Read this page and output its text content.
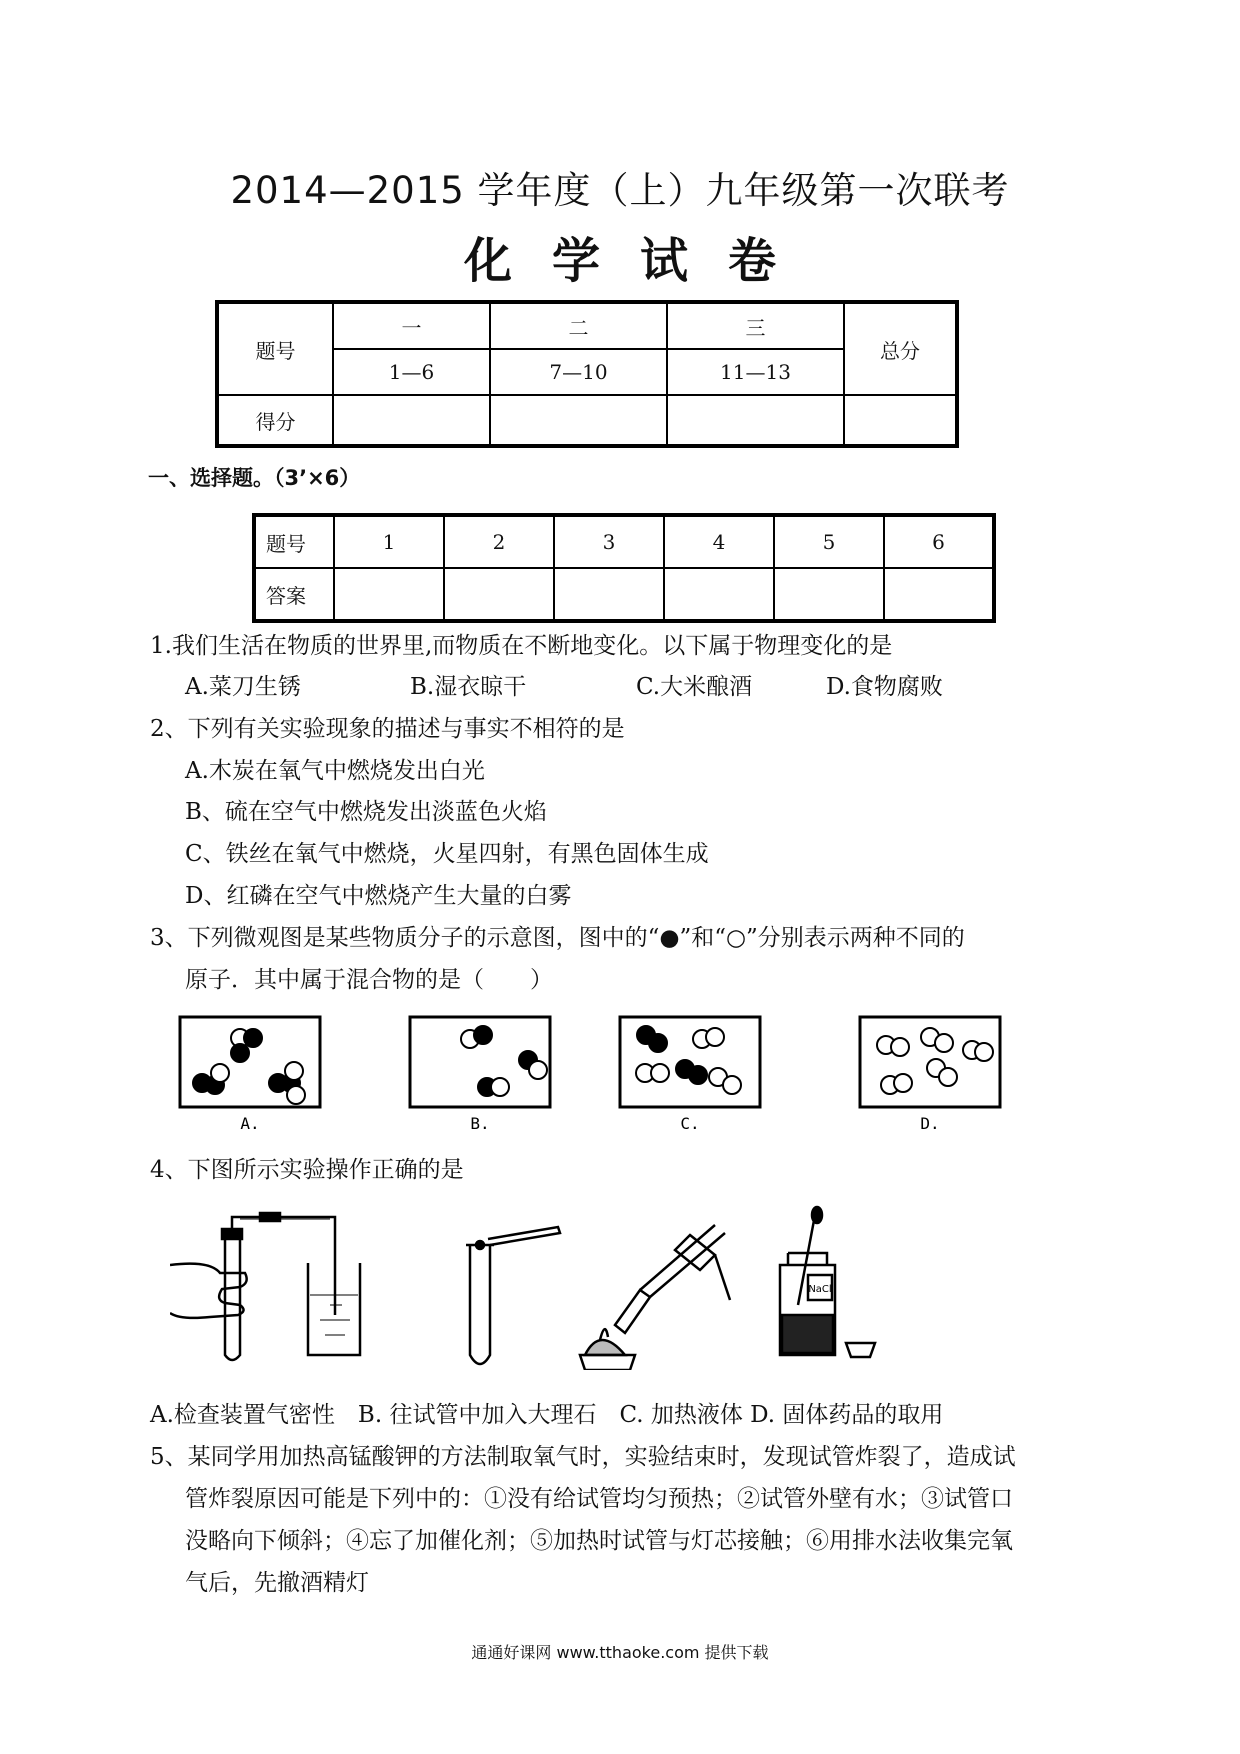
2014—2015 学年度（上）九年级第一次联考
化学试卷
题号	一	二	三	总分
	1—6	7—10	11—13	
得分				
一、选择题。（3’×6）
题号	1	2	3	4	5	6
答案						
1.我们生活在物质的世界里,而物质在不断地变化。以下属于物理变化的是
A.菜刀生锈	B.湿衣晾干	C.大米酿酒	D.食物腐败
2、下列有关实验现象的描述与事实不相符的是
A.木炭在氧气中燃烧发出白光
B、硫在空气中燃烧发出淡蓝色火焰
C、铁丝在氧气中燃烧，火星四射，有黑色固体生成
D、红磷在空气中燃烧产生大量的白雾
3、下列微观图是某些物质分子的示意图，图中的“●”和“○”分别表示两种不同的
原子．其中属于混合物的是（　　）
A.	B.	C.	D.
4、下图所示实验操作正确的是
NaCl
A.检查装置气密性　B. 往试管中加入大理石　C. 加热液体 D. 固体药品的取用
5、某同学用加热高锰酸钾的方法制取氧气时，实验结束时，发现试管炸裂了，造成试
管炸裂原因可能是下列中的：①没有给试管均匀预热；②试管外壁有水；③试管口
没略向下倾斜；④忘了加催化剂；⑤加热时试管与灯芯接触；⑥用排水法收集完氧
气后，先撤酒精灯
通通好课网 www.tthaoke.com 提供下载
